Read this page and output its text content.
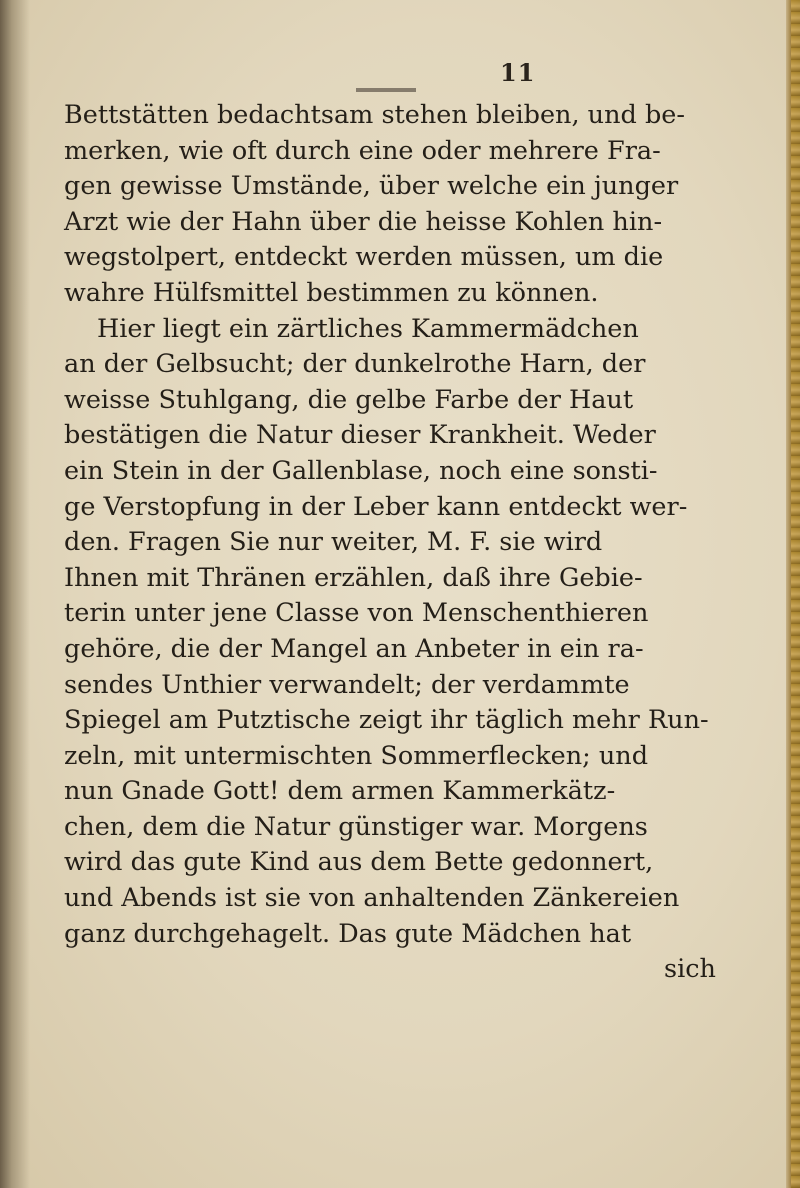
11
Bettstätten bedachtsam stehen bleiben, und be-
merken, wie oft durch eine oder mehrere Fra-
gen gewisse Umstände, über welche ein junger
Arzt wie der Hahn über die heisse Kohlen hin-
wegstolpert, entdeckt werden müssen, um die
wahre Hülfsmittel bestimmen zu können.
Hier liegt ein zärtliches Kammermädchen
an der Gelbsucht; der dunkelrothe Harn, der
weisse Stuhlgang, die gelbe Farbe der Haut
bestätigen die Natur dieser Krankheit. Weder
ein Stein in der Gallenblase, noch eine sonsti-
ge Verstopfung in der Leber kann entdeckt wer-
den. Fragen Sie nur weiter, M. F. sie wird
Ihnen mit Thränen erzählen, daß ihre Gebie-
terin unter jene Classe von Menschenthieren
gehöre, die der Mangel an Anbeter in ein ra-
sendes Unthier verwandelt; der verdammte
Spiegel am Putztische zeigt ihr täglich mehr Run-
zeln, mit untermischten Sommerflecken; und
nun Gnade Gott! dem armen Kammerkätz-
chen, dem die Natur günstiger war. Morgens
wird das gute Kind aus dem Bette gedonnert,
und Abends ist sie von anhaltenden Zänkereien
ganz durchgehagelt. Das gute Mädchen hat
sich
